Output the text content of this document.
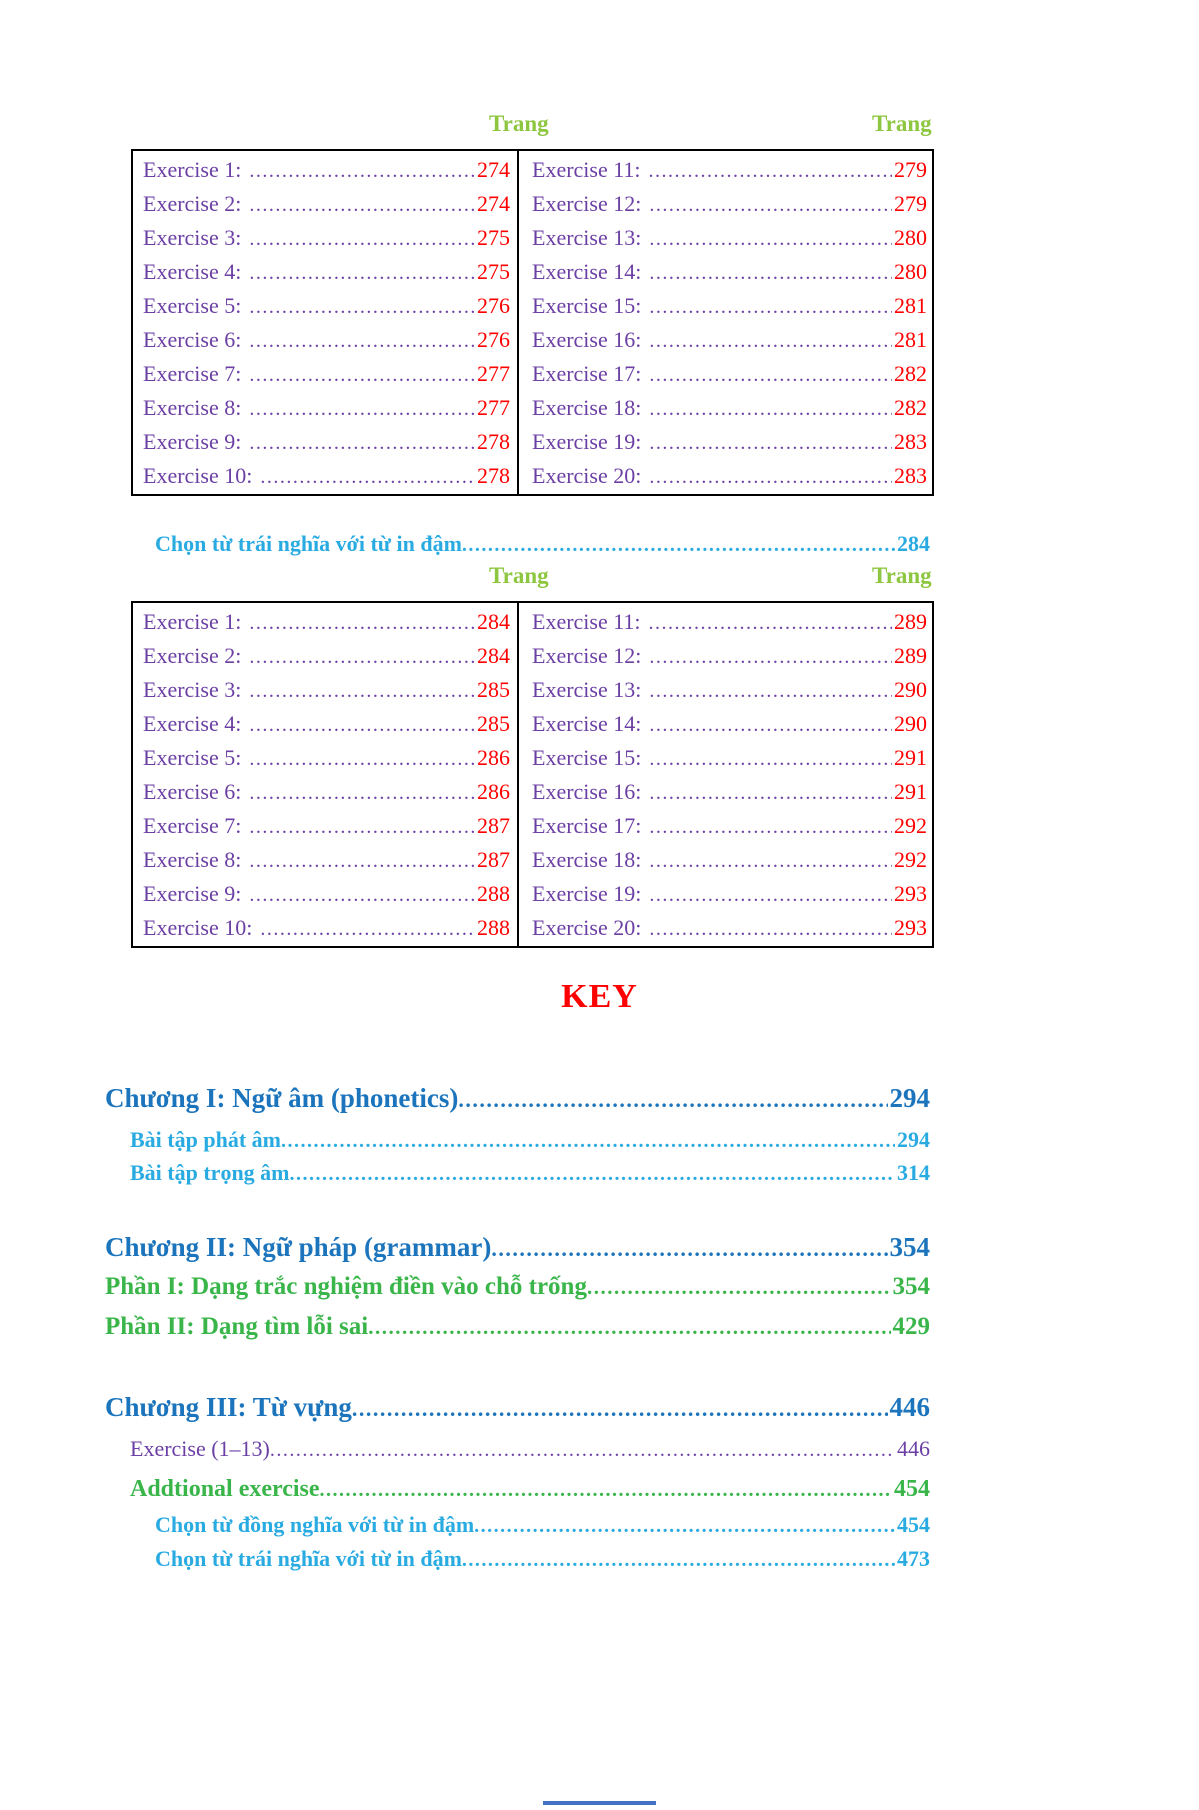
Trang	Trang
Exercise 1: .....	274
Exercise 2: .....	274
Exercise 3: .....	275
Exercise 4: .....	275
Exercise 5: .....	276
Exercise 6: .....	276
Exercise 7: .....	277
Exercise 8: .....	277
Exercise 9: .....	278
Exercise 10: .....	278
Exercise 11: .....	279
Exercise 12: .....	279
Exercise 13: .....	280
Exercise 14: .....	280
Exercise 15: .....	281
Exercise 16: .....	281
Exercise 17: .....	282
Exercise 18: .....	282
Exercise 19: .....	283
Exercise 20: .....	283
Chọn từ trái nghĩa với từ in đậm .....	284
Trang	Trang
Exercise 1: .....	284
Exercise 2: .....	284
Exercise 3: .....	285
Exercise 4: .....	285
Exercise 5: .....	286
Exercise 6: .....	286
Exercise 7: .....	287
Exercise 8: .....	287
Exercise 9: .....	288
Exercise 10: .....	288
Exercise 11: .....	289
Exercise 12: .....	289
Exercise 13: .....	290
Exercise 14: .....	290
Exercise 15: .....	291
Exercise 16: .....	291
Exercise 17: .....	292
Exercise 18: .....	292
Exercise 19: .....	293
Exercise 20: .....	293
KEY
Chương I: Ngữ âm (phonetics) .....	294
Bài tập phát âm .....	294
Bài tập trọng âm .....	314
Chương II: Ngữ pháp (grammar) .....	354
Phần I: Dạng trắc nghiệm điền vào chỗ trống .....	354
Phần II: Dạng tìm lỗi sai .....	429
Chương III: Từ vựng .....	446
Exercise (1–13) .....	446
Addtional exercise .....	454
Chọn từ đồng nghĩa với từ in đậm .....	454
Chọn từ trái nghĩa với từ in đậm .....	473
